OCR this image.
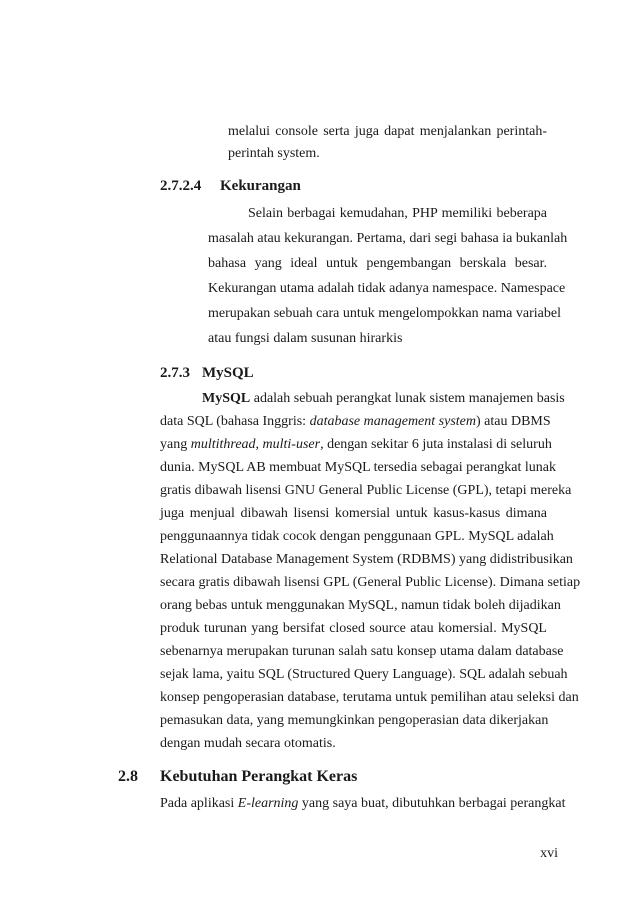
melalui console serta juga dapat menjalankan perintah-
perintah system.
2.7.2.4 Kekurangan
Selain berbagai kemudahan, PHP memiliki beberapa
masalah atau kekurangan. Pertama, dari segi bahasa ia bukanlah
bahasa yang ideal untuk pengembangan berskala besar.
Kekurangan utama adalah tidak adanya namespace. Namespace
merupakan sebuah cara untuk mengelompokkan nama variabel
atau fungsi dalam susunan hirarkis
2.7.3 MySQL
MySQL adalah sebuah perangkat lunak sistem manajemen basis
data SQL (bahasa Inggris: database management system) atau DBMS
yang multithread, multi-user, dengan sekitar 6 juta instalasi di seluruh
dunia. MySQL AB membuat MySQL tersedia sebagai perangkat lunak
gratis dibawah lisensi GNU General Public License (GPL), tetapi mereka
juga menjual dibawah lisensi komersial untuk kasus-kasus dimana
penggunaannya tidak cocok dengan penggunaan GPL. MySQL adalah
Relational Database Management System (RDBMS) yang didistribusikan
secara gratis dibawah lisensi GPL (General Public License). Dimana setiap
orang bebas untuk menggunakan MySQL, namun tidak boleh dijadikan
produk turunan yang bersifat closed source atau komersial. MySQL
sebenarnya merupakan turunan salah satu konsep utama dalam database
sejak lama, yaitu SQL (Structured Query Language). SQL adalah sebuah
konsep pengoperasian database, terutama untuk pemilihan atau seleksi dan
pemasukan data, yang memungkinkan pengoperasian data dikerjakan
dengan mudah secara otomatis.
2.8 Kebutuhan Perangkat Keras
Pada aplikasi E-learning yang saya buat, dibutuhkan berbagai perangkat
xvi
